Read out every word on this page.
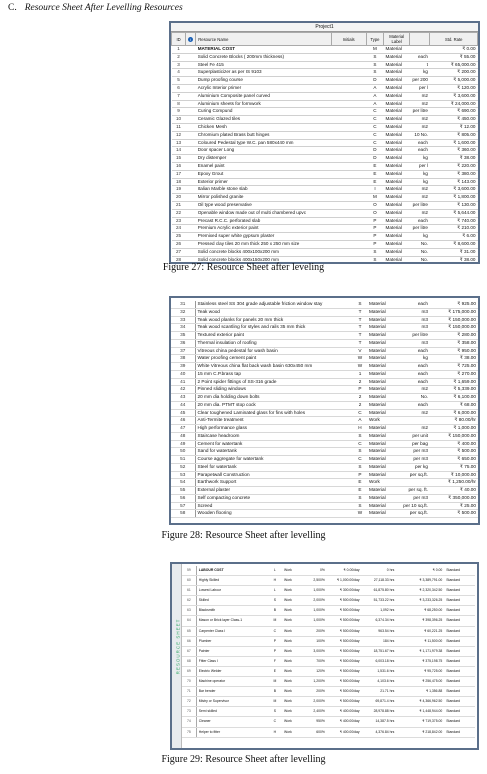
C. Resource Sheet After Levelling Resources
Project1
ID	i	Resource Name	Initials	Type	Material Label		Std. Rate
1		MATERIAL COST		M	Material		₹ 0.00
2		Solid Concrete Blocks ( 200mm thickness)		S	Material	each	₹ 55.00
3		Steel Fe 415		S	Material	t	₹ 65,000.00
4		Superplasticizer as per IS 9103		S	Material	kg	₹ 200.00
5		Dump proofing course		D	Material	per 200	₹ 5,000.00
6		Acrylic Interior primer		A	Material	per l	₹ 120.00
7		Aluminium Composite panel curved		A	Material	m2	₹ 3,600.00
8		Aluminium sheets for formwork		A	Material	m2	₹ 24,000.00
9		Curing Compund		C	Material	per litre	₹ 690.00
10		Ceramic Glazed tiles		C	Material	m2	₹ 450.00
11		Chicken Mesh		C	Material	m2	₹ 12.00
12		Chromium plated Brass butt hinges		C	Material	10 No.	₹ 805.00
13		Coloured Pedestal type W.C. pan 580x440 mm		C	Material	each	₹ 1,600.00
14		Door spacer Long		D	Material	each	₹ 360.00
15		Dry distemper		D	Material	kg	₹ 38.00
16		Enamel paint		E	Material	per l	₹ 220.00
17		Epoxy Grout		E	Material	kg	₹ 380.00
18		Exterior primer		E	Material	kg	₹ 143.00
19		Italian Marble stone slab		I	Material	m2	₹ 3,600.00
20		Mirror polished granite		M	Material	m2	₹ 1,800.00
21		Oil type wood preservative		O	Material	per litre	₹ 130.00
22		Openable window made out of multi chambered upvc		O	Material	m2	₹ 5,644.00
23		Precast R.C.C. perforated slab		P	Material	each	₹ 740.00
24		Premium Acrylic exterior paint		P	Material	per litre	₹ 210.00
25		Premixed super white gypsum plaster		P	Material	kg	₹ 6.00
26		Pressed clay tiles 20 mm thick 250 x 250 mm size		P	Material	No.	₹ 8,600.00
27		Solid concrete blocks 400x100x200 mm		S	Material	No.	₹ 31.00
28		Solid concrete blocks 400x150x200 mm		S	Material	No.	₹ 38.00

Figure 27: Resource Sheet after leveling
31	Stainless steel SS 304 grade adjustable friction window stay	S	Material	each	₹ 925.00
32	Teak wood	T	Material	m3	₹ 175,000.00
33	Teak wood planks for panels 20 mm thick	T	Material	m3	₹ 150,000.00
34	Teak wood scantling for styles and rails 35 mm thick	T	Material	m3	₹ 150,000.00
35	Textured exterior paint	T	Material	per litre	₹ 280.00
36	Thermal insulation of roofing	T	Material	m3	₹ 358.00
37	Vitreous china pedestal for wash basin	V	Material	each	₹ 950.00
38	Water proofing cement paint	W	Material	kg	₹ 38.00
39	White Vitreous china flat back wash basin 630x450 mm	W	Material	each	₹ 725.00
40	15 mm C.P.brass tap	1	Material	each	₹ 270.00
41	2 Point spider fittings of SS-316 grade	2	Material	each	₹ 1,659.00
42	Pinned sliding windows	P	Material	m2	₹ 5,339.00
43	20 mm dia holding down bolts	2	Material	No.	₹ 6,100.00
44	20 mm dia. PTMT stop cock	2	Material	each	₹ 68.00
45	Clear toughened Laminated glass for fins with holes	C	Material	m2	₹ 6,000.00
46	Anti-Termite treatment	A	Work		₹ 80.00/hr
47	High performance glass	H	Material	m2	₹ 1,000.00
48	Staircase headroom	S	Material	per unit	₹ 150,000.00
49	Cement for watertank	C	Material	per bag	₹ 400.00
50	Sand for watertank	S	Material	per m3	₹ 500.00
51	Course aggregate for watertank	C	Material	per m3	₹ 650.00
52	Steel for watertank	S	Material	per kg	₹ 75.00
53	Parapetwall Construction	P	Material	per sq.ft.	₹ 10,000.00
54	Earthwork Support	E	Work		₹ 1,250.00/hr
55	External plaster	E	Material	per sq. ft.	₹ 40.00
56	Self compacting concrete	S	Material	per m3	₹ 350,000.00
57	Screed	S	Material	per 10 sq.ft.	₹ 25.00
58	Wooden flooring	W	Material	per sq.ft.	₹ 500.00
Figure 28: Resource Sheet after levelling
RESOURCE SHEET
59	LABOUR COST	L	Work	0%	₹ 0.00/day	0 hrs	₹ 0.00	Standard
60	Highly Skilled	H	Work	2,500%	₹ 1,000.00/day	27,118.33 hrs	₹ 3,389,791.00	Standard
61	Lowest Labour	L	Work	1,000%	₹ 300.00/day	61,875.80 hrs	₹ 2,320,342.50	Standard
62	Skilled	S	Work	2,000%	₹ 500.00/day	51,733.22 hrs	₹ 3,233,326.25	Standard
63	Blacksmith	B	Work	1,000%	₹ 500.00/day	1,092 hrs	₹ 68,250.00	Standard
64	Mason or Brick layer Class-1	M	Work	1,000%	₹ 500.00/day	6,374.34 hrs	₹ 398,396.25	Standard
65	Carpenter Class I	C	Work	200%	₹ 500.00/day	963.54 hrs	₹ 60,221.25	Standard
66	Plumber	P	Work	100%	₹ 500.00/day	184 hrs	₹ 11,500.00	Standard
67	Painter	P	Work	3,000%	₹ 500.00/day	18,751.67 hrs	₹ 1,171,979.38	Standard
68	Fitter Class I	F	Work	700%	₹ 500.00/day	6,003.18 hrs	₹ 375,198.75	Standard
69	Electric Welder	E	Work	120%	₹ 500.00/day	1,531.6 hrs	₹ 95,725.00	Standard
70	Machine operator	M	Work	1,200%	₹ 500.00/day	4,103.6 hrs	₹ 256,475.00	Standard
71	Bar bender	B	Work	200%	₹ 500.00/day	21.71 hrs	₹ 1,356.88	Standard
72	Mistry or Supervisor	M	Work	2,000%	₹ 500.00/day	69,871.4 hrs	₹ 4,366,962.50	Standard
73	Semi skilled	S	Work	2,400%	₹ 400.00/day	28,978.88 hrs	₹ 1,448,944.00	Standard
74	Cleaner	C	Work	950%	₹ 400.00/day	14,387.5 hrs	₹ 719,375.00	Standard
75	Helper to fitter	H	Work	600%	₹ 400.00/day	4,376.84 hrs	₹ 218,842.00	Standard
Figure 29: Resource Sheet after levelling
